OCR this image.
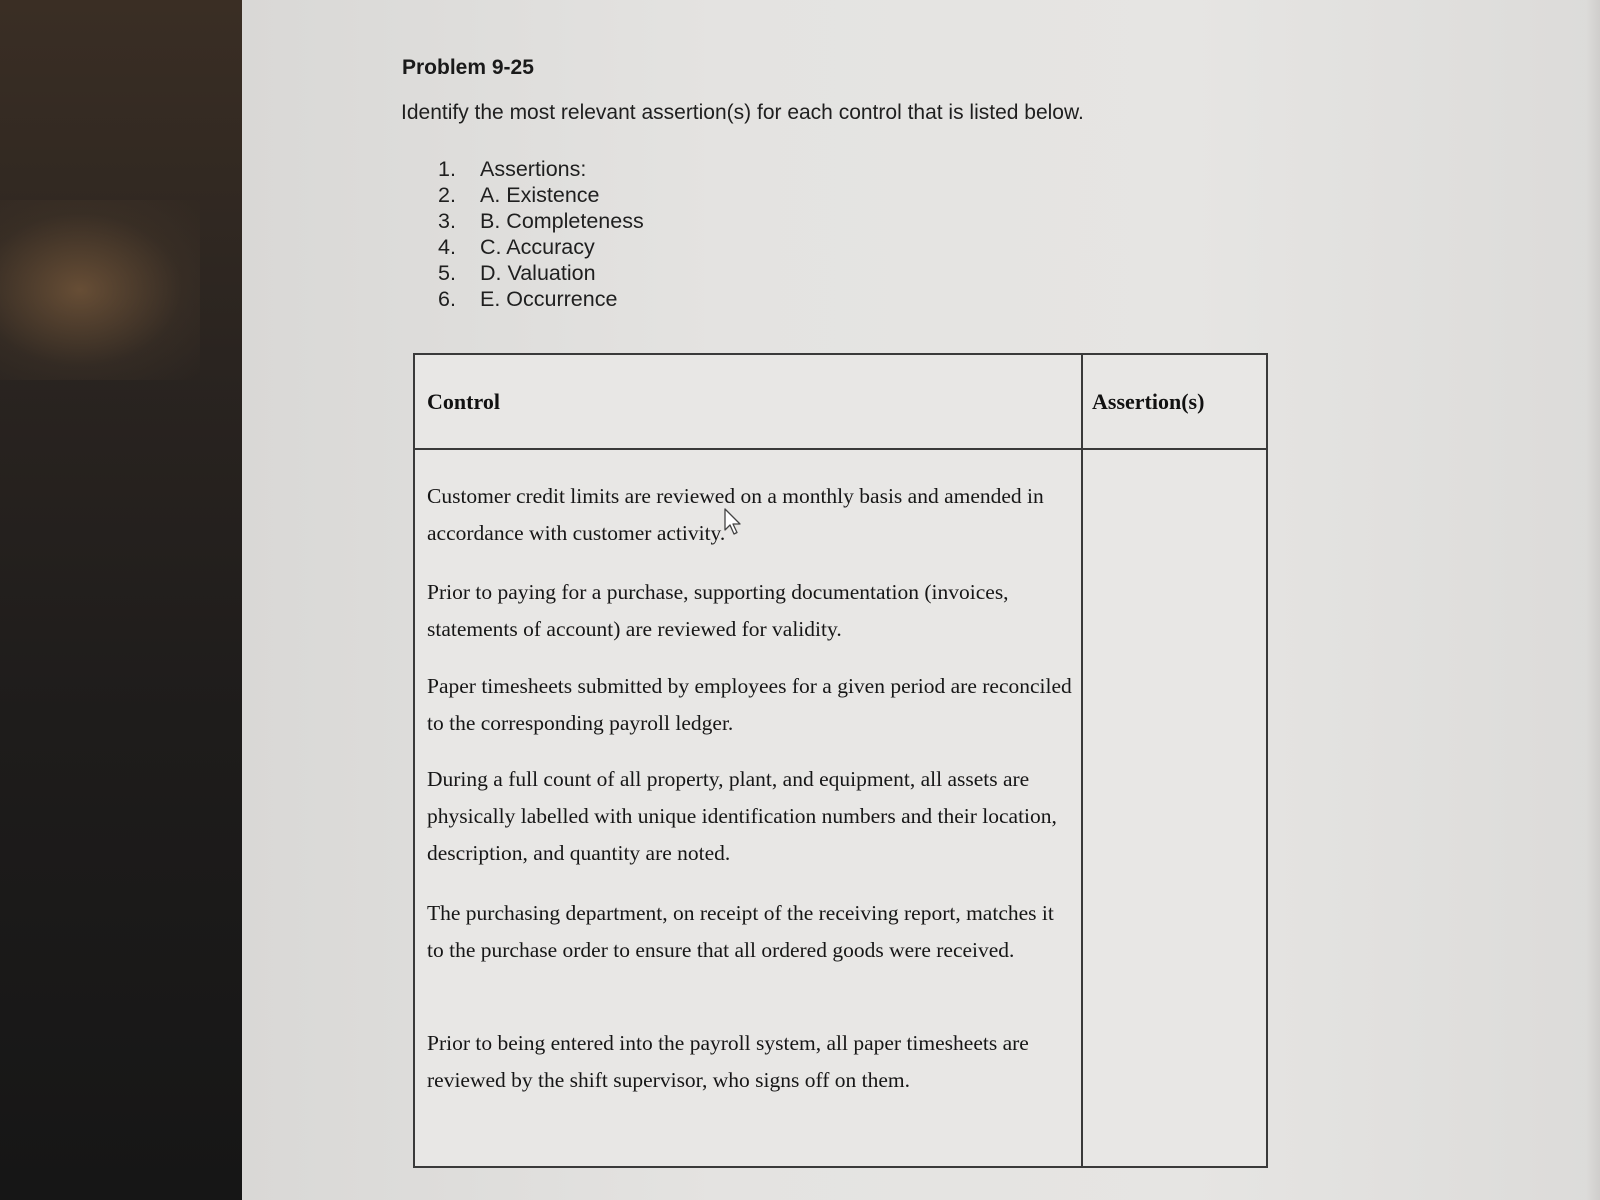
Problem 9-25
Identify the most relevant assertion(s) for each control that is listed below.
1. Assertions:
2. A. Existence
3. B. Completeness
4. C. Accuracy
5. D. Valuation
6. E. Occurrence
Control	Assertion(s)
Customer credit limits are reviewed on a monthly basis and amended in accordance with customer activity.
Prior to paying for a purchase, supporting documentation (invoices, statements of account) are reviewed for validity.
Paper timesheets submitted by employees for a given period are reconciled to the corresponding payroll ledger.
During a full count of all property, plant, and equipment, all assets are physically labelled with unique identification numbers and their location, description, and quantity are noted.
The purchasing department, on receipt of the receiving report, matches it to the purchase order to ensure that all ordered goods were received.
Prior to being entered into the payroll system, all paper timesheets are reviewed by the shift supervisor, who signs off on them.
